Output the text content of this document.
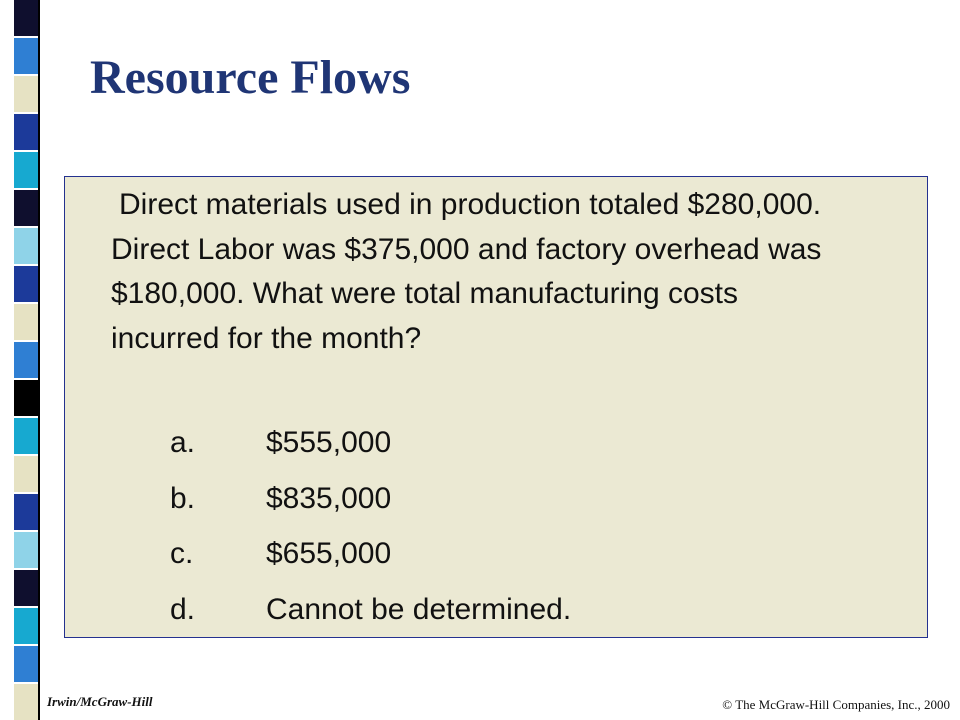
Resource Flows

Direct materials used in production totaled $280,000. Direct Labor was $375,000 and factory overhead was $180,000. What were total manufacturing costs incurred for the month?

a. $555,000
b. $835,000
c. $655,000
d. Cannot be determined.
Irwin/McGraw-Hill	© The McGraw-Hill Companies, Inc., 2000
